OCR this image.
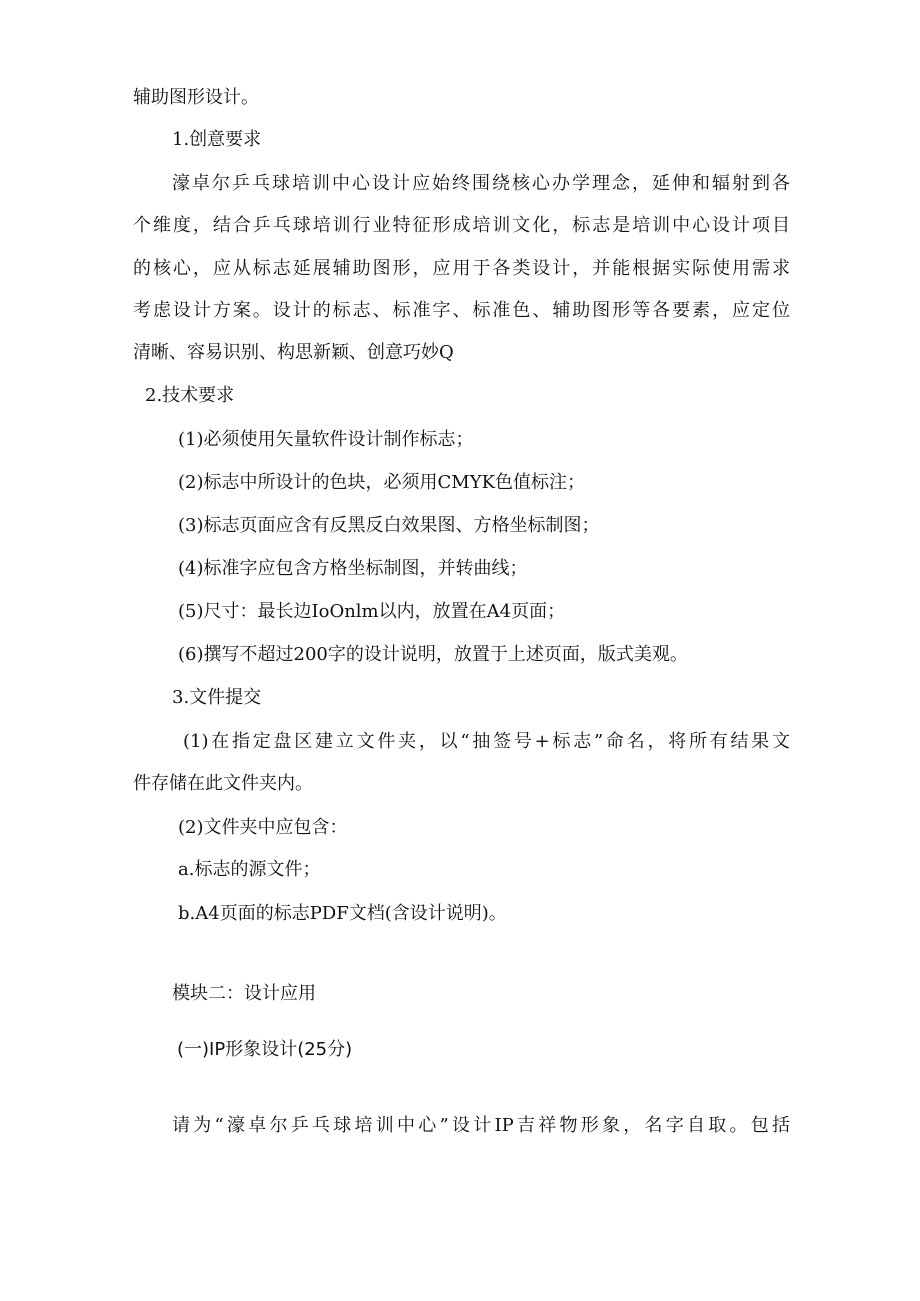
辅助图形设计。
1.创意要求
濠卓尔乒乓球培训中心设计应始终围绕核心办学理念，延伸和辐射到各
个维度，结合乒乓球培训行业特征形成培训文化，标志是培训中心设计项目
的核心，应从标志延展辅助图形，应用于各类设计，并能根据实际使用需求
考虑设计方案。设计的标志、标准字、标准色、辅助图形等各要素，应定位
清晰、容易识别、构思新颖、创意巧妙Q
2.技术要求
(1)必须使用矢量软件设计制作标志；
(2)标志中所设计的色块，必须用CMYK色值标注；
(3)标志页面应含有反黑反白效果图、方格坐标制图；
(4)标准字应包含方格坐标制图，并转曲线；
(5)尺寸：最长边IoOnlm以内，放置在A4页面；
(6)撰写不超过200字的设计说明，放置于上述页面，版式美观。
3.文件提交
(1)在指定盘区建立文件夹，以“抽签号+标志”命名，将所有结果文
件存储在此文件夹内。
(2)文件夹中应包含：
a.标志的源文件；
b.A4页面的标志PDF文档(含设计说明)。
模块二：设计应用
(一)IP形象设计(25分)
请为“濠卓尔乒乓球培训中心”设计IP吉祥物形象，名字自取。包括
